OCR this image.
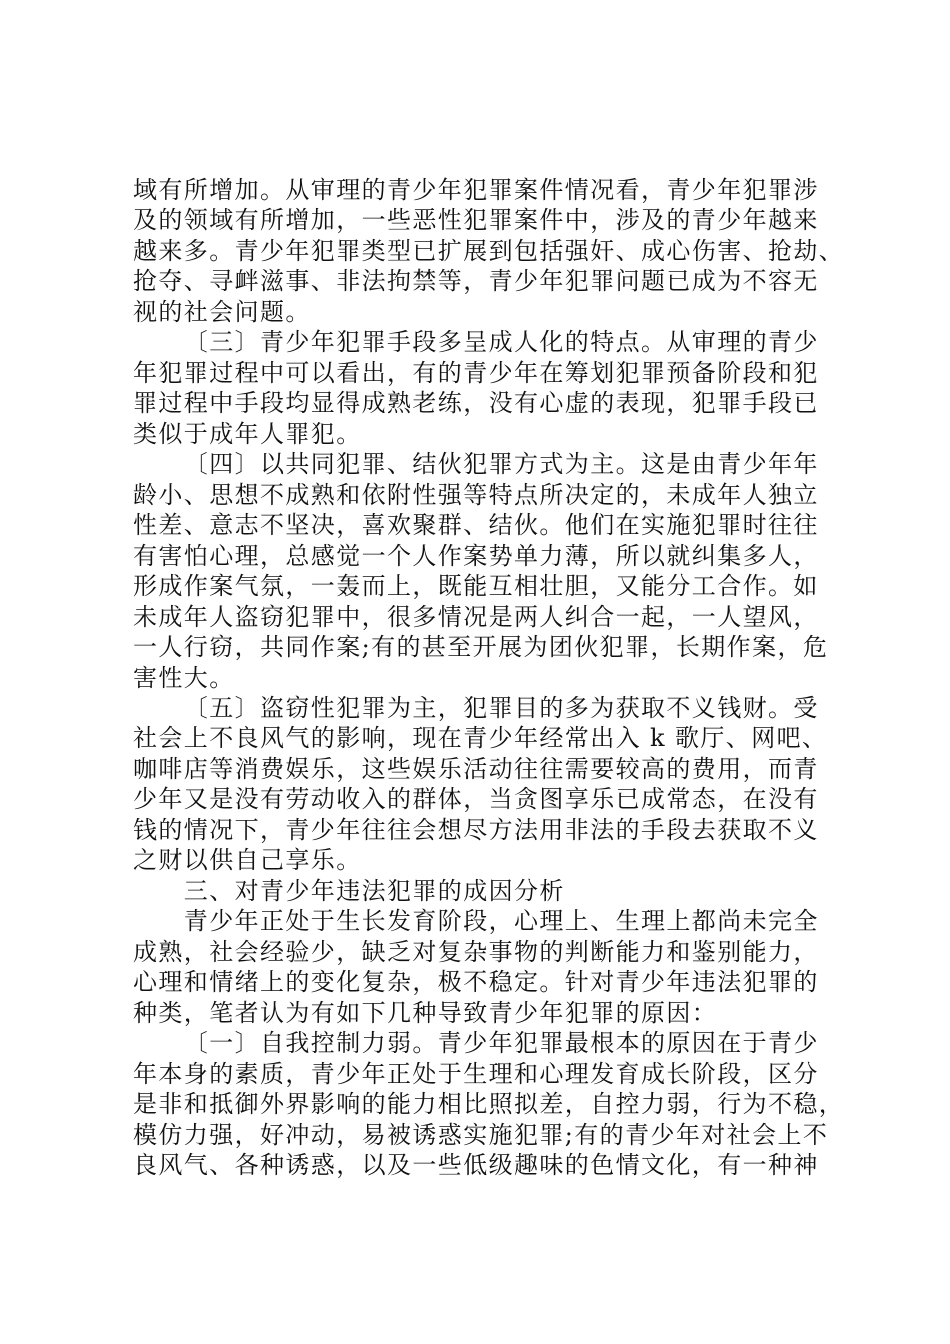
域有所增加。从审理的青少年犯罪案件情况看，青少年犯罪涉
及的领域有所增加，一些恶性犯罪案件中，涉及的青少年越来
越来多。青少年犯罪类型已扩展到包括强奸、成心伤害、抢劫、
抢夺、寻衅滋事、非法拘禁等，青少年犯罪问题已成为不容无
视的社会问题。
〔三〕青少年犯罪手段多呈成人化的特点。从审理的青少
年犯罪过程中可以看出，有的青少年在筹划犯罪预备阶段和犯
罪过程中手段均显得成熟老练，没有心虚的表现，犯罪手段已
类似于成年人罪犯。
〔四〕以共同犯罪、结伙犯罪方式为主。这是由青少年年
龄小、思想不成熟和依附性强等特点所决定的，未成年人独立
性差、意志不坚决，喜欢聚群、结伙。他们在实施犯罪时往往
有害怕心理，总感觉一个人作案势单力薄，所以就纠集多人，
形成作案气氛，一轰而上，既能互相壮胆，又能分工合作。如
未成年人盗窃犯罪中，很多情况是两人纠合一起，一人望风，
一人行窃，共同作案;有的甚至开展为团伙犯罪，长期作案，危
害性大。
〔五〕盗窃性犯罪为主，犯罪目的多为获取不义钱财。受
社会上不良风气的影响，现在青少年经常出入 k 歌厅、网吧、
咖啡店等消费娱乐，这些娱乐活动往往需要较高的费用，而青
少年又是没有劳动收入的群体，当贪图享乐已成常态，在没有
钱的情况下，青少年往往会想尽方法用非法的手段去获取不义
之财以供自己享乐。
三、对青少年违法犯罪的成因分析
青少年正处于生长发育阶段，心理上、生理上都尚未完全
成熟，社会经验少，缺乏对复杂事物的判断能力和鉴别能力，
心理和情绪上的变化复杂，极不稳定。针对青少年违法犯罪的
种类，笔者认为有如下几种导致青少年犯罪的原因：
〔一〕自我控制力弱。青少年犯罪最根本的原因在于青少
年本身的素质，青少年正处于生理和心理发育成长阶段，区分
是非和抵御外界影响的能力相比照拟差，自控力弱，行为不稳，
模仿力强，好冲动，易被诱惑实施犯罪;有的青少年对社会上不
良风气、各种诱惑，以及一些低级趣味的色情文化，有一种神
